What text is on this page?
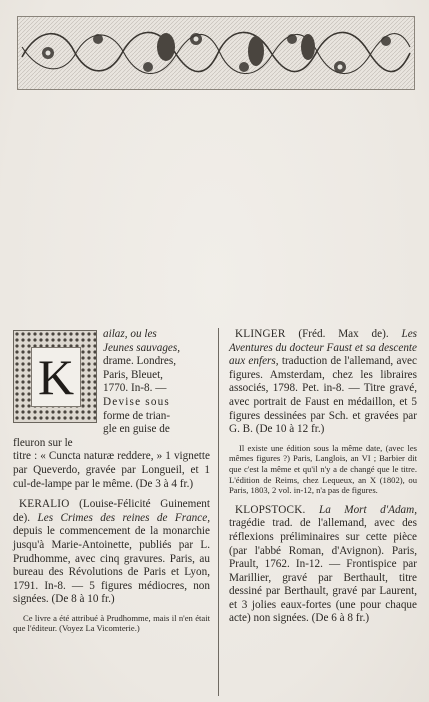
K
ailaz, ou les
Jeunes sauvages,
drame. Londres,
Paris, Bleuet,
1770. In-8. —
Devise sous
forme de trian-
gle en guise de
fleuron sur le
titre : « Cuncta naturæ reddere, » 1 vignette par Queverdo, gravée par Longueil, et 1 cul-de-lampe par le même. (De 3 à 4 fr.)
KERALIO (Louise-Félicité Guinement de). Les Crimes des reines de France, depuis le commencement de la monarchie jusqu'à Marie-Antoinette, publiés par L. Prudhomme, avec cinq gravures. Paris, au bureau des Révolutions de Paris et Lyon, 1791. In-8. — 5 figures médiocres, non signées. (De 8 à 10 fr.)
Ce livre a été attribué à Prudhomme, mais il n'en était que l'éditeur. (Voyez La Vicomterie.)
KLINGER (Fréd. Max de). Les Aventures du docteur Faust et sa descente aux enfers, traduction de l'allemand, avec figures. Amsterdam, chez les libraires associés, 1798. Pet. in-8. — Titre gravé, avec portrait de Faust en médaillon, et 5 figures dessinées par Sch. et gravées par G. B. (De 10 à 12 fr.)
Il existe une édition sous la même date, (avec les mêmes figures ?) Paris, Langlois, an VI ; Barbier dit que c'est la même et qu'il n'y a de changé que le titre. L'édition de Reims, chez Lequeux, an X (1802), ou Paris, 1803, 2 vol. in-12, n'a pas de figures.
KLOPSTOCK. La Mort d'Adam, tragédie trad. de l'allemand, avec des réflexions préliminaires sur cette pièce (par l'abbé Roman, d'Avignon). Paris, Prault, 1762. In-12. — Frontispice par Marillier, gravé par Berthault, titre dessiné par Berthault, gravé par Laurent, et 3 jolies eaux-fortes (une pour chaque acte) non signées. (De 6 à 8 fr.)
